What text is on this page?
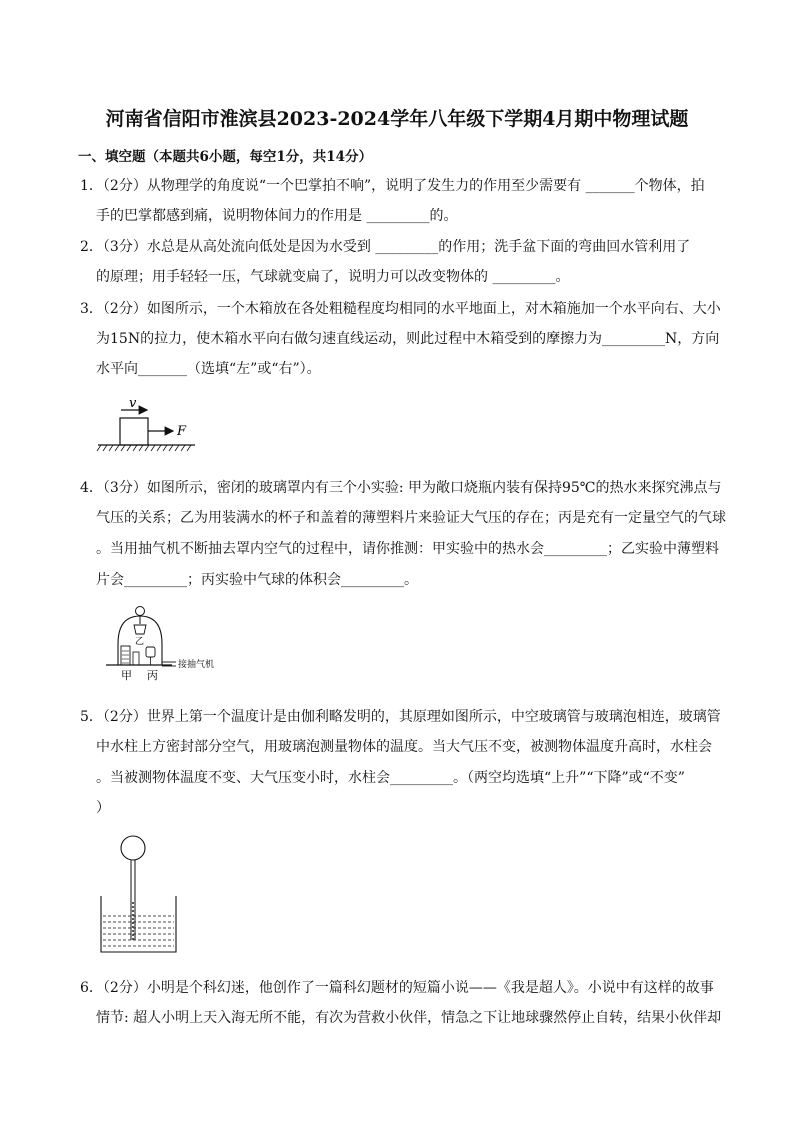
河南省信阳市淮滨县2023-2024学年八年级下学期4月期中物理试题
一、填空题（本题共6小题，每空1分，共14分）
1．（2分）从物理学的角度说“一个巴掌拍不响”，说明了发生力的作用至少需要有 _______个物体，拍
手的巴掌都感到痛，说明物体间力的作用是 _________的。
2．（3分）水总是从高处流向低处是因为水受到 _________的作用；洗手盆下面的弯曲回水管利用了
的原理；用手轻轻一压，气球就变扁了，说明力可以改变物体的 _________。
3．（2分）如图所示，一个木箱放在各处粗糙程度均相同的水平地面上，对木箱施加一个水平向右、大小
为15N的拉力，使木箱水平向右做匀速直线运动，则此过程中木箱受到的摩擦力为_________N，方向
水平向_______（选填“左”或“右”）。
v
F
4．（3分）如图所示，密闭的玻璃罩内有三个小实验: 甲为敞口烧瓶内装有保持95℃的热水来探究沸点与
气压的关系；乙为用装满水的杯子和盖着的薄塑料片来验证大气压的存在；丙是充有一定量空气的气球
。当用抽气机不断抽去罩内空气的过程中，请你推测：甲实验中的热水会_________；乙实验中薄塑料
片会_________；丙实验中气球的体积会_________。
乙
接抽气机
甲 丙
5．（2分）世界上第一个温度计是由伽利略发明的，其原理如图所示，中空玻璃管与玻璃泡相连，玻璃管
中水柱上方密封部分空气，用玻璃泡测量物体的温度。当大气压不变，被测物体温度升高时，水柱会
。当被测物体温度不变、大气压变小时，水柱会_________。（两空均选填“上升”“下降”或“不变”
）
6．（2分）小明是个科幻迷，他创作了一篇科幻题材的短篇小说——《我是超人》。小说中有这样的故事
情节: 超人小明上天入海无所不能，有次为营救小伙伴，情急之下让地球骤然停止自转，结果小伙伴却
